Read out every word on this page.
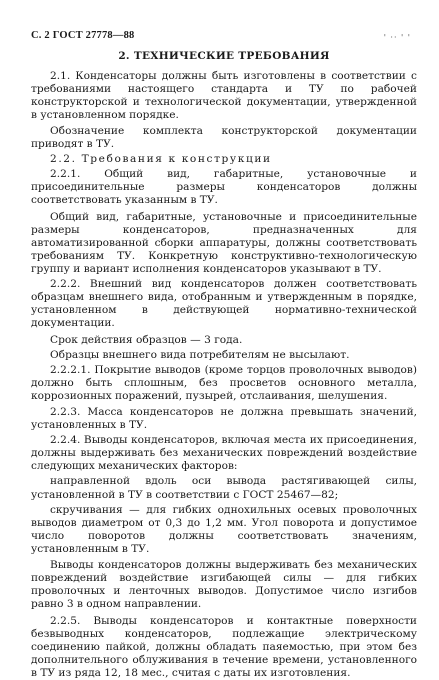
С. 2 ГОСТ 27778—88	' ·· ' '
2. ТЕХНИЧЕСКИЕ ТРЕБОВАНИЯ

2.1. Конденсаторы должны быть изготовлены в соответствии с требованиями настоящего стандарта и ТУ по рабочей конструкторской и технологической документации, утвержденной в установленном порядке.

Обозначение комплекта конструкторской документации приводят в ТУ.

2.2. Требования к конструкции

2.2.1. Общий вид, габаритные, установочные и присоединительные размеры конденсаторов должны соответствовать указанным в ТУ.

Общий вид, габаритные, установочные и присоединительные размеры конденсаторов, предназначенных для автоматизированной сборки аппаратуры, должны соответствовать требованиям ТУ. Конкретную конструктивно-технологическую группу и вариант исполнения конденсаторов указывают в ТУ.

2.2.2. Внешний вид конденсаторов должен соответствовать образцам внешнего вида, отобранным и утвержденным в порядке, установленном в действующей нормативно-технической документации.

Срок действия образцов — 3 года.

Образцы внешнего вида потребителям не высылают.

2.2.2.1. Покрытие выводов (кроме торцов проволочных выводов) должно быть сплошным, без просветов основного металла, коррозионных поражений, пузырей, отслаивания, шелушения.

2.2.3. Масса конденсаторов не должна превышать значений, установленных в ТУ.

2.2.4. Выводы конденсаторов, включая места их присоединения, должны выдерживать без механических повреждений воздействие следующих механических факторов:

направленной вдоль оси вывода растягивающей силы, установленной в ТУ в соответствии с ГОСТ 25467—82;

скручивания — для гибких однохильных осевых проволочных выводов диаметром от 0,3 до 1,2 мм. Угол поворота и допустимое число поворотов должны соответствовать значениям, установленным в ТУ.

Выводы конденсаторов должны выдерживать без механических повреждений воздействие изгибающей силы — для гибких проволочных и ленточных выводов. Допустимое число изгибов равно 3 в одном направлении.

2.2.5. Выводы конденсаторов и контактные поверхности безвыводных конденсаторов, подлежащие электрическому соединению пайкой, должны обладать паяемостью, при этом без дополнительного облуживания в течение времени, установленного в ТУ из ряда 12, 18 мес., считая с даты их изготовления.
